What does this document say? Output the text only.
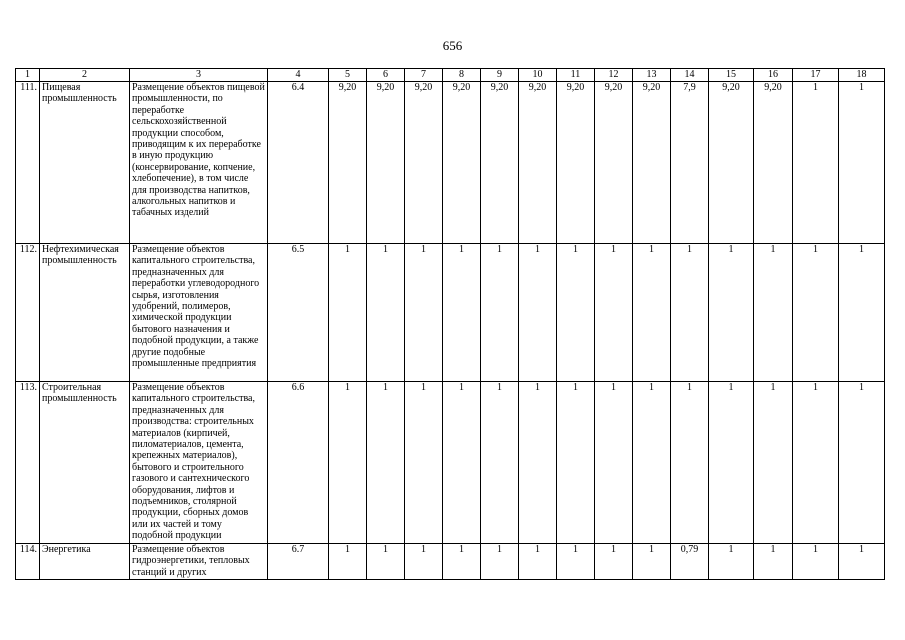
656
1	2	3	4	5	6	7	8	9	10	11	12	13	14	15	16	17	18
111.	Пищевая промышленность	Размещение объектов пищевой промышленности, по переработке сельскохозяйственной продукции способом, приводящим к их переработке в иную продукцию (консервирование, копчение, хлебопечение), в том числе для производства напитков, алкогольных напитков и табачных изделий	6.4	9,20	9,20	9,20	9,20	9,20	9,20	9,20	9,20	9,20	7,9	9,20	9,20	1	1
112.	Нефтехимическая промышленность	Размещение объектов капитального строительства, предназначенных для переработки углеводородного сырья, изготовления удобрений, полимеров, химической продукции бытового назначения и подобной продукции, а также другие подобные промышленные предприятия	6.5	1	1	1	1	1	1	1	1	1	1	1	1	1	1
113.	Строительная промышленность	Размещение объектов капитального строительства, предназначенных для производства: строительных материалов (кирпичей, пиломатериалов, цемента, крепежных материалов), бытового и строительного газового и сантехнического оборудования, лифтов и подъемников, столярной продукции, сборных домов или их частей и тому подобной продукции	6.6	1	1	1	1	1	1	1	1	1	1	1	1	1	1
114.	Энергетика	Размещение объектов гидроэнергетики, тепловых станций и других	6.7	1	1	1	1	1	1	1	1	1	0,79	1	1	1	1
